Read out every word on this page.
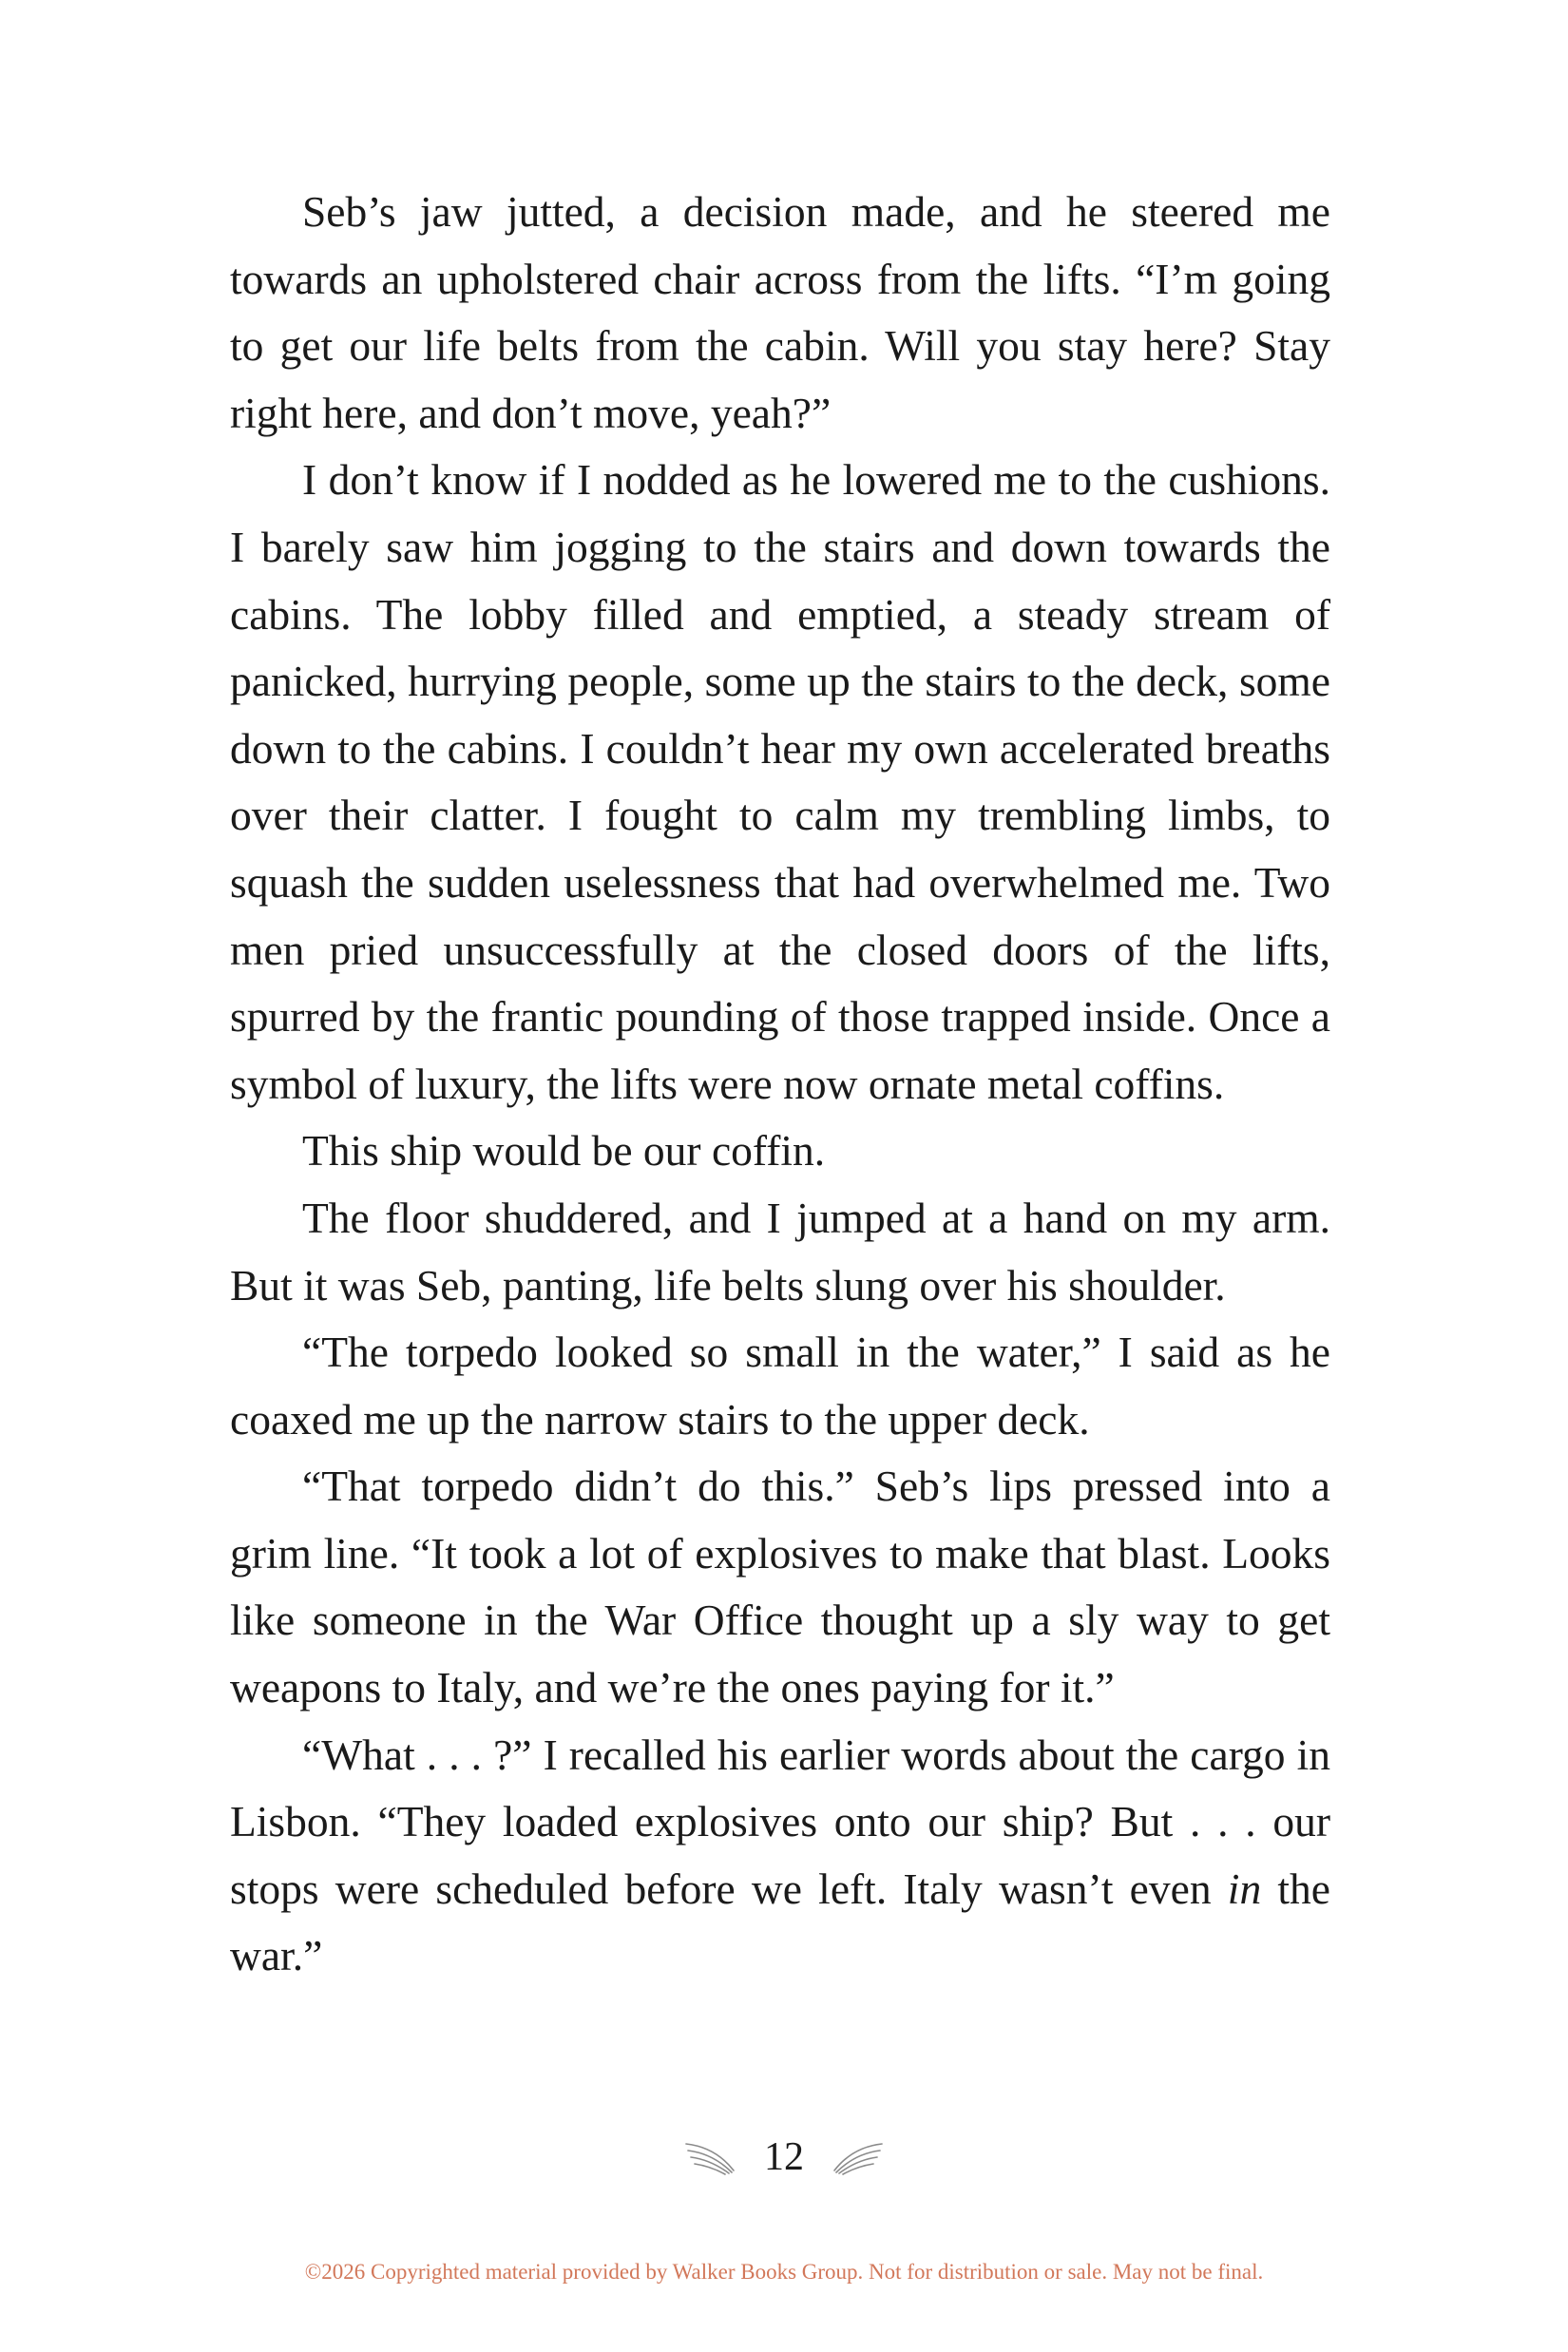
Seb’s jaw jutted, a decision made, and he steered me towards an upholstered chair across from the lifts. “I’m going to get our life belts from the cabin. Will you stay here? Stay right here, and don’t move, yeah?”

I don’t know if I nodded as he lowered me to the cushions. I barely saw him jogging to the stairs and down towards the cabins. The lobby filled and emptied, a steady stream of panicked, hurrying people, some up the stairs to the deck, some down to the cabins. I couldn’t hear my own accelerated breaths over their clatter. I fought to calm my trembling limbs, to squash the sudden uselessness that had overwhelmed me. Two men pried unsuccessfully at the closed doors of the lifts, spurred by the frantic pounding of those trapped inside. Once a symbol of luxury, the lifts were now ornate metal coffins.

This ship would be our coffin.

The floor shuddered, and I jumped at a hand on my arm. But it was Seb, panting, life belts slung over his shoulder.

“The torpedo looked so small in the water,” I said as he coaxed me up the narrow stairs to the upper deck.

“That torpedo didn’t do this.” Seb’s lips pressed into a grim line. “It took a lot of explosives to make that blast. Looks like someone in the War Office thought up a sly way to get weapons to Italy, and we’re the ones paying for it.”

“What . . . ?” I recalled his earlier words about the cargo in Lisbon. “They loaded explosives onto our ship? But . . . our stops were scheduled before we left. Italy wasn’t even in the war.”

12
©2026 Copyrighted material provided by Walker Books Group. Not for distribution or sale. May not be final.
